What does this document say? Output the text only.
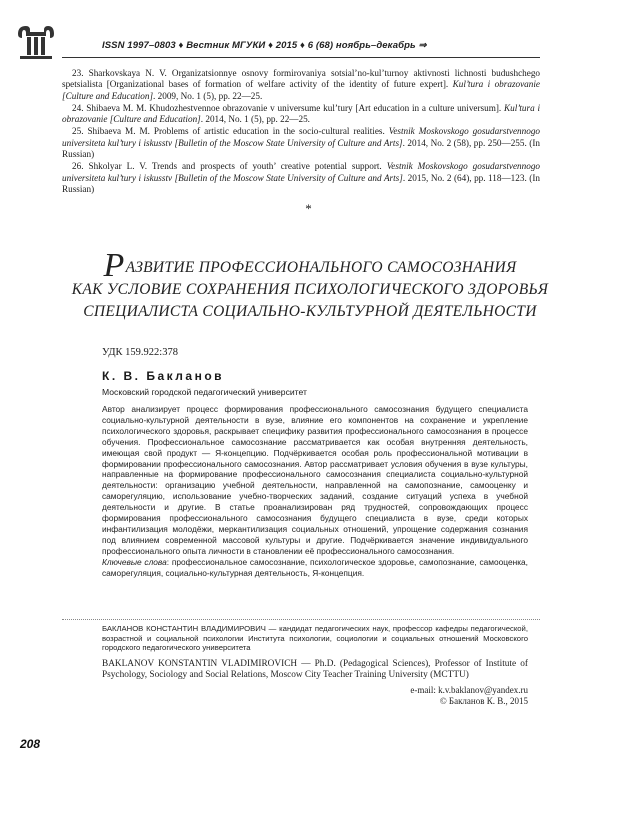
ISSN 1997–0803 ♦ Вестник МГУКИ ♦ 2015 ♦ 6 (68) ноябрь–декабрь ⇒

23. Sharkovskaya N. V. Organizatsionnye osnovy formirovaniya sotsial’no-kul’turnoy aktivnosti lichnosti budushchego spetsialista [Organizational bases of formation of welfare activity of the identity of future expert]. Kul’tura i obrazovanie [Culture and Education]. 2009, No. 1 (5), pp. 22—25.

24. Shibaeva M. M. Khudozhestvennoe obrazovanie v universume kul’tury [Art education in a culture universum]. Kul’tura i obrazovanie [Culture and Education]. 2014, No. 1 (5), pp. 22—25.

25. Shibaeva M. M. Problems of artistic education in the socio-cultural realities. Vestnik Moskovskogo gosudarstvennogo universiteta kul’tury i iskusstv [Bulletin of the Moscow State University of Culture and Arts]. 2014, No. 2 (58), pp. 250—255. (In Russian)

26. Shkolyar L. V. Trends and prospects of youth’ creative potential support. Vestnik Moskovskogo gosudarstvennogo universiteta kul’tury i iskusstv [Bulletin of the Moscow State University of Culture and Arts]. 2015, No. 2 (64), pp. 118—123. (In Russian)

*
РАЗВИТИЕ ПРОФЕССИОНАЛЬНОГО САМОСОЗНАНИЯ
КАК УСЛОВИЕ СОХРАНЕНИЯ ПСИХОЛОГИЧЕСКОГО ЗДОРОВЬЯ
СПЕЦИАЛИСТА СОЦИАЛЬНО-КУЛЬТУРНОЙ ДЕЯТЕЛЬНОСТИ
УДК 159.922:378
К. В. Бакланов
Московский городской педагогический университет

Автор анализирует процесс формирования профессионального самосознания будущего специалиста социально-культурной деятельности в вузе, влияние его компонентов на сохранение и укрепление психологического здоровья, раскрывает специфику развития профессионального самосознания в процессе обучения. Профессиональное самосознание рассматривается как особая внутренняя деятельность, имеющая свой продукт — Я-концепцию. Подчёркивается особая роль профессиональной мотивации в формировании профессионального самосознания. Автор рассматривает условия обучения в вузе культуры, направленные на формирование профессионального самосознания специалиста социально-культурной деятельности: организацию учебной деятельности, направленной на самопознание, самооценку и саморегуляцию, использование учебно-творческих заданий, создание ситуаций успеха в учебной деятельности и другие. В статье проанализирован ряд трудностей, сопровождающих процесс формирования профессионального самосознания будущего специалиста в вузе, среди которых инфантилизация молодёжи, меркантилизация социальных отношений, упрощение содержания сознания под влиянием современной массовой культуры и другие. Подчёркивается значение индивидуального профессионального опыта личности в становлении её профессионального самосознания.

Ключевые слова: профессиональное самосознание, психологическое здоровье, самопознание, самооценка, саморегуляция, социально-культурная деятельность, Я-концепция.

БАКЛАНОВ КОНСТАНТИН ВЛАДИМИРОВИЧ — кандидат педагогических наук, профессор кафедры педагогической, возрастной и социальной психологии Института психологии, социологии и социальных отношений Московского городского педагогического университета
BAKLANOV KONSTANTIN VLADIMIROVICH — Ph.D. (Pedagogical Sciences), Professor of Institute of Psychology, Sociology and Social Relations, Moscow City Teacher Training University (MCTTU)
e-mail: k.v.baklanov@yandex.ru
© Бакланов К. В., 2015
208
